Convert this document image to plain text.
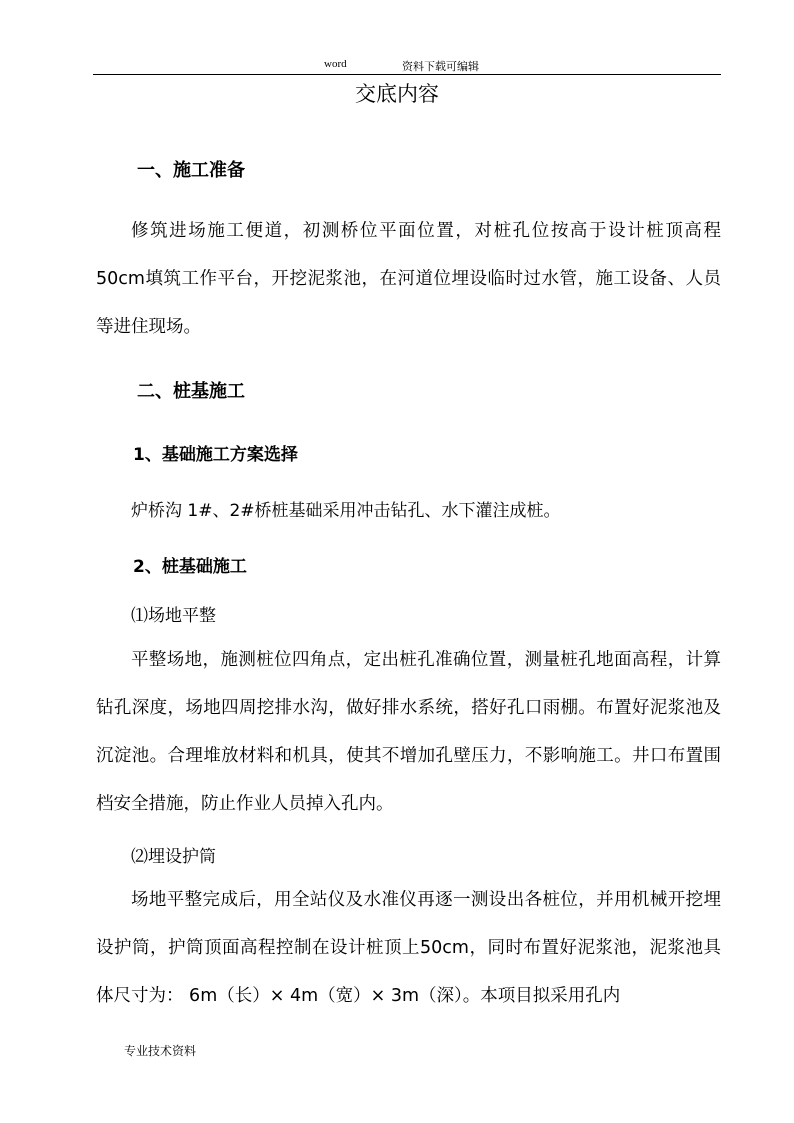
word	资料下载可编辑
交底内容
一、施工准备
修筑进场施工便道，初测桥位平面位置，对桩孔位按高于设计桩顶高程50cm填筑工作平台，开挖泥浆池，在河道位埋设临时过水管，施工设备、人员等进住现场。
二、桩基施工
1、基础施工方案选择
炉桥沟 1#、2#桥桩基础采用冲击钻孔、水下灌注成桩。
2、桩基础施工
⑴场地平整
平整场地，施测桩位四角点，定出桩孔准确位置，测量桩孔地面高程，计算钻孔深度，场地四周挖排水沟，做好排水系统，搭好孔口雨棚。布置好泥浆池及沉淀池。合理堆放材料和机具，使其不增加孔壁压力，不影响施工。井口布置围档安全措施，防止作业人员掉入孔内。
⑵埋设护筒
场地平整完成后，用全站仪及水准仪再逐一测设出各桩位，并用机械开挖埋设护筒，护筒顶面高程控制在设计桩顶上50cm，同时布置好泥浆池，泥浆池具体尺寸为： 6m（长）× 4m（宽）× 3m（深）。本项目拟采用孔内
专业技术资料
